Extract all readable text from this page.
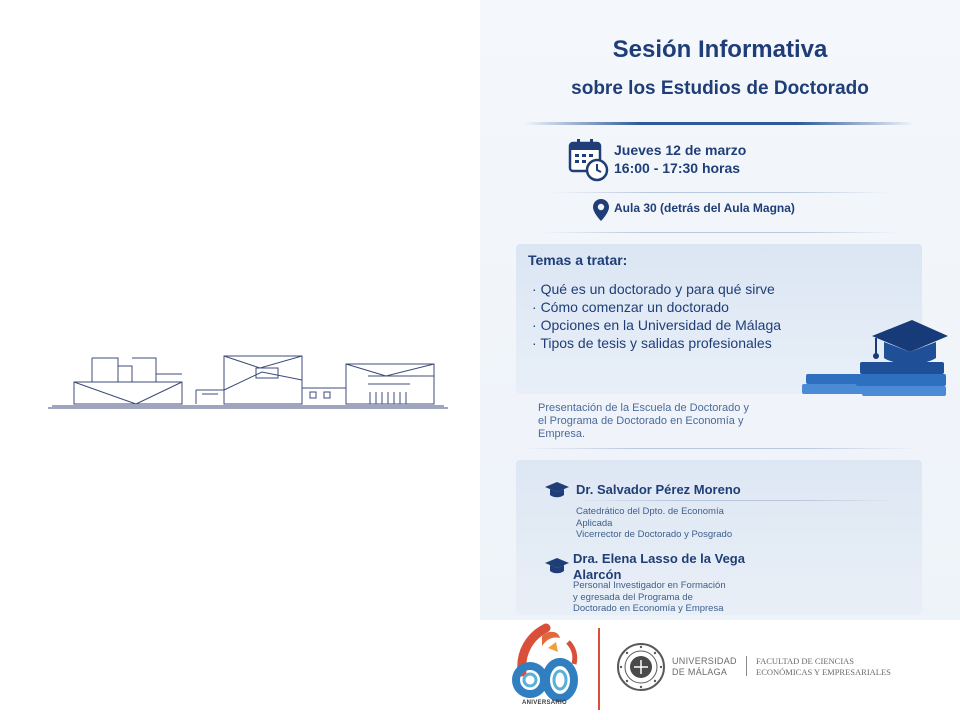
Sesión Informativa
sobre los Estudios de Doctorado
Jueves 12 de marzo
16:00 - 17:30 horas
Aula 30 (detrás del Aula Magna)
Temas a tratar:
· Qué es un doctorado y para qué sirve
· Cómo comenzar un doctorado
· Opciones en la Universidad de Málaga
· Tipos de tesis y salidas profesionales
Presentación de la Escuela de Doctorado y
el Programa de Doctorado en Economía y
Empresa.
Dr. Salvador Pérez Moreno
Catedrático del Dpto. de Economía
Aplicada
Vicerrector de Doctorado y Posgrado
Dra. Elena Lasso de la Vega
Alarcón
Personal Investigador en Formación
y egresada del Programa de
Doctorado en Economía y Empresa
ANIVERSARIO
UNIVERSIDAD
DE MÁLAGA
FACULTAD DE CIENCIAS
ECONÓMICAS Y EMPRESARIALES
